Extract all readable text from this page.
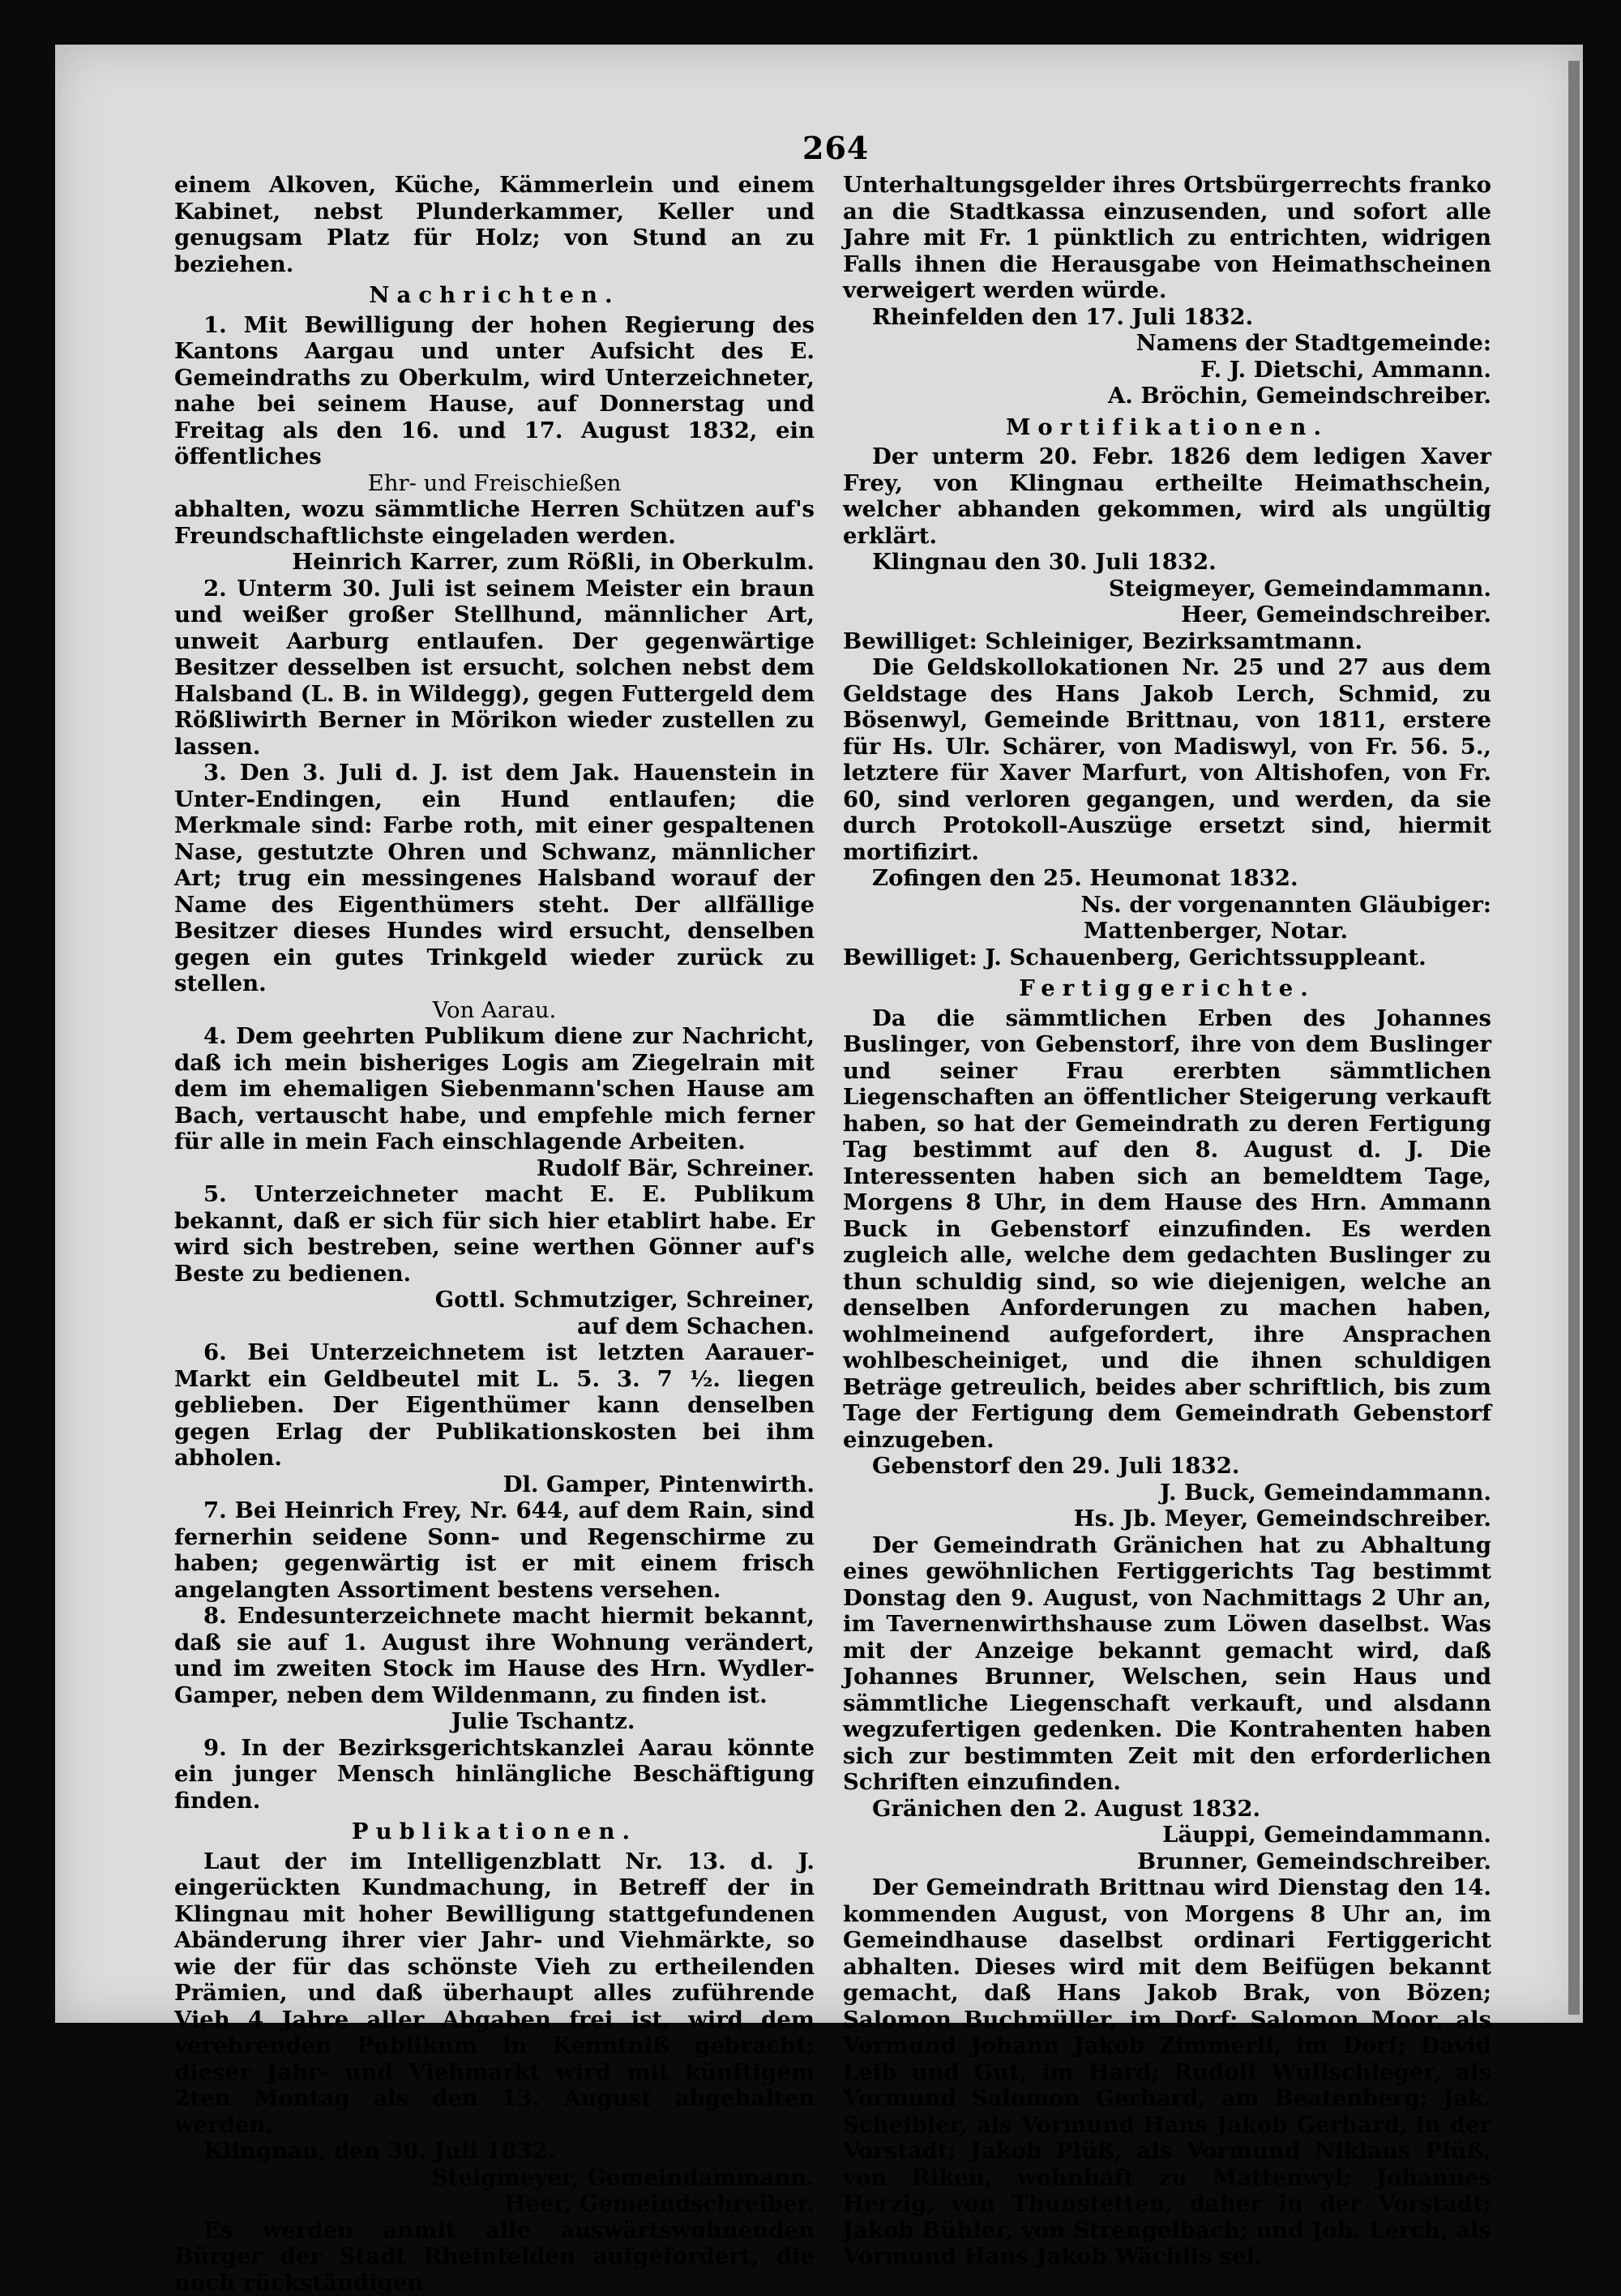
264

einem Alkoven, Küche, Kämmerlein und einem Kabinet, nebst Plunderkammer, Keller und genugsam Platz für Holz; von Stund an zu beziehen.

Nachrichten.

1. Mit Bewilligung der hohen Regierung des Kantons Aargau und unter Aufsicht des E. Gemeindraths zu Oberkulm, wird Unterzeichneter, nahe bei seinem Hause, auf Donnerstag und Freitag als den 16. und 17. August 1832, ein öffentliches

Ehr- und Freischießen

abhalten, wozu sämmtliche Herren Schützen auf's Freundschaftlichste eingeladen werden.

Heinrich Karrer, zum Rößli, in Oberkulm.

2. Unterm 30. Juli ist seinem Meister ein braun und weißer großer Stellhund, männlicher Art, unweit Aarburg entlaufen. Der gegenwärtige Besitzer desselben ist ersucht, solchen nebst dem Halsband (L. B. in Wildegg), gegen Futtergeld dem Rößliwirth Berner in Mörikon wieder zustellen zu lassen.

3. Den 3. Juli d. J. ist dem Jak. Hauenstein in Unter-Endingen, ein Hund entlaufen; die Merkmale sind: Farbe roth, mit einer gespaltenen Nase, gestutzte Ohren und Schwanz, männlicher Art; trug ein messingenes Halsband worauf der Name des Eigenthümers steht. Der allfällige Besitzer dieses Hundes wird ersucht, denselben gegen ein gutes Trinkgeld wieder zurück zu stellen.

Von Aarau.

4. Dem geehrten Publikum diene zur Nachricht, daß ich mein bisheriges Logis am Ziegelrain mit dem im ehemaligen Siebenmann'schen Hause am Bach, vertauscht habe, und empfehle mich ferner für alle in mein Fach einschlagende Arbeiten.

Rudolf Bär, Schreiner.

5. Unterzeichneter macht E. E. Publikum bekannt, daß er sich für sich hier etablirt habe. Er wird sich bestreben, seine werthen Gönner auf's Beste zu bedienen.

Gottl. Schmutziger, Schreiner,

auf dem Schachen.

6. Bei Unterzeichnetem ist letzten Aarauer-Markt ein Geldbeutel mit L. 5. 3. 7 ½. liegen geblieben. Der Eigenthümer kann denselben gegen Erlag der Publikationskosten bei ihm abholen.

Dl. Gamper, Pintenwirth.

7. Bei Heinrich Frey, Nr. 644, auf dem Rain, sind fernerhin seidene Sonn- und Regenschirme zu haben; gegenwärtig ist er mit einem frisch angelangten Assortiment bestens versehen.

8. Endesunterzeichnete macht hiermit bekannt, daß sie auf 1. August ihre Wohnung verändert, und im zweiten Stock im Hause des Hrn. Wydler-Gamper, neben dem Wildenmann, zu finden ist.

Julie Tschantz.

9. In der Bezirksgerichtskanzlei Aarau könnte ein junger Mensch hinlängliche Beschäftigung finden.

Publikationen.

Laut der im Intelligenzblatt Nr. 13. d. J. eingerückten Kundmachung, in Betreff der in Klingnau mit hoher Bewilligung stattgefundenen Abänderung ihrer vier Jahr- und Viehmärkte, so wie der für das schönste Vieh zu ertheilenden Prämien, und daß überhaupt alles zuführende Vieh 4 Jahre aller Abgaben frei ist, wird dem verehrenden Publikum in Kenntniß gebracht; dieser Jahr- und Viehmarkt wird mit künftigem 2ten Montag als den 13. August abgehalten werden.

Klingnau, den 30. Juli 1832.

Steigmeyer, Gemeindammann.

Heer, Gemeindschreiber.

Es werden anmit alle auswärtswohnenden Bürger der Stadt Rheinfelden aufgefordert, die noch rückständigen

Unterhaltungsgelder ihres Ortsbürgerrechts franko an die Stadtkassa einzusenden, und sofort alle Jahre mit Fr. 1 pünktlich zu entrichten, widrigen Falls ihnen die Herausgabe von Heimathscheinen verweigert werden würde.

Rheinfelden den 17. Juli 1832.

Namens der Stadtgemeinde:

F. J. Dietschi, Ammann.

A. Bröchin, Gemeindschreiber.

Mortifikationen.

Der unterm 20. Febr. 1826 dem ledigen Xaver Frey, von Klingnau ertheilte Heimathschein, welcher abhanden gekommen, wird als ungültig erklärt.

Klingnau den 30. Juli 1832.

Steigmeyer, Gemeindammann.

Heer, Gemeindschreiber.

Bewilliget: Schleiniger, Bezirksamtmann.

Die Geldskollokationen Nr. 25 und 27 aus dem Geldstage des Hans Jakob Lerch, Schmid, zu Bösenwyl, Gemeinde Brittnau, von 1811, erstere für Hs. Ulr. Schärer, von Madiswyl, von Fr. 56. 5., letztere für Xaver Marfurt, von Altishofen, von Fr. 60, sind verloren gegangen, und werden, da sie durch Protokoll-Auszüge ersetzt sind, hiermit mortifizirt.

Zofingen den 25. Heumonat 1832.

Ns. der vorgenannten Gläubiger:

Mattenberger, Notar.

Bewilliget: J. Schauenberg, Gerichtssuppleant.

Fertiggerichte.

Da die sämmtlichen Erben des Johannes Buslinger, von Gebenstorf, ihre von dem Buslinger und seiner Frau ererbten sämmtlichen Liegenschaften an öffentlicher Steigerung verkauft haben, so hat der Gemeindrath zu deren Fertigung Tag bestimmt auf den 8. August d. J. Die Interessenten haben sich an bemeldtem Tage, Morgens 8 Uhr, in dem Hause des Hrn. Ammann Buck in Gebenstorf einzufinden. Es werden zugleich alle, welche dem gedachten Buslinger zu thun schuldig sind, so wie diejenigen, welche an denselben Anforderungen zu machen haben, wohlmeinend aufgefordert, ihre Ansprachen wohlbescheiniget, und die ihnen schuldigen Beträge getreulich, beides aber schriftlich, bis zum Tage der Fertigung dem Gemeindrath Gebenstorf einzugeben.

Gebenstorf den 29. Juli 1832.

J. Buck, Gemeindammann.

Hs. Jb. Meyer, Gemeindschreiber.

Der Gemeindrath Gränichen hat zu Abhaltung eines gewöhnlichen Fertiggerichts Tag bestimmt Donstag den 9. August, von Nachmittags 2 Uhr an, im Tavernenwirthshause zum Löwen daselbst. Was mit der Anzeige bekannt gemacht wird, daß Johannes Brunner, Welschen, sein Haus und sämmtliche Liegenschaft verkauft, und alsdann wegzufertigen gedenken. Die Kontrahenten haben sich zur bestimmten Zeit mit den erforderlichen Schriften einzufinden.

Gränichen den 2. August 1832.

Läuppi, Gemeindammann.

Brunner, Gemeindschreiber.

Der Gemeindrath Brittnau wird Dienstag den 14. kommenden August, von Morgens 8 Uhr an, im Gemeindhause daselbst ordinari Fertiggericht abhalten. Dieses wird mit dem Beifügen bekannt gemacht, daß Hans Jakob Brak, von Bözen; Salomon Buchmüller, im Dorf; Salomon Moor, als Vormund Johann Jakob Zimmerli, im Dorf; David Leib und Gut, im Hard; Rudolf Wullschleger, als Vormund Salomon Gerhard, am Beatenberg; Jak. Scheibler, als Vormund Hans Jakob Gerhard, in der Vorstadt; Jakob Plüß, als Vormund Niklaus Plüß, von Riken, wohnhaft zu Mattenwyl; Johannes Herzig, von Thunstetten, daher in der Vorstadt; Jakob Bühler, von Strengelbach; und Joh. Lerch, als Vormund Hans Jakob Wächlis sel.
